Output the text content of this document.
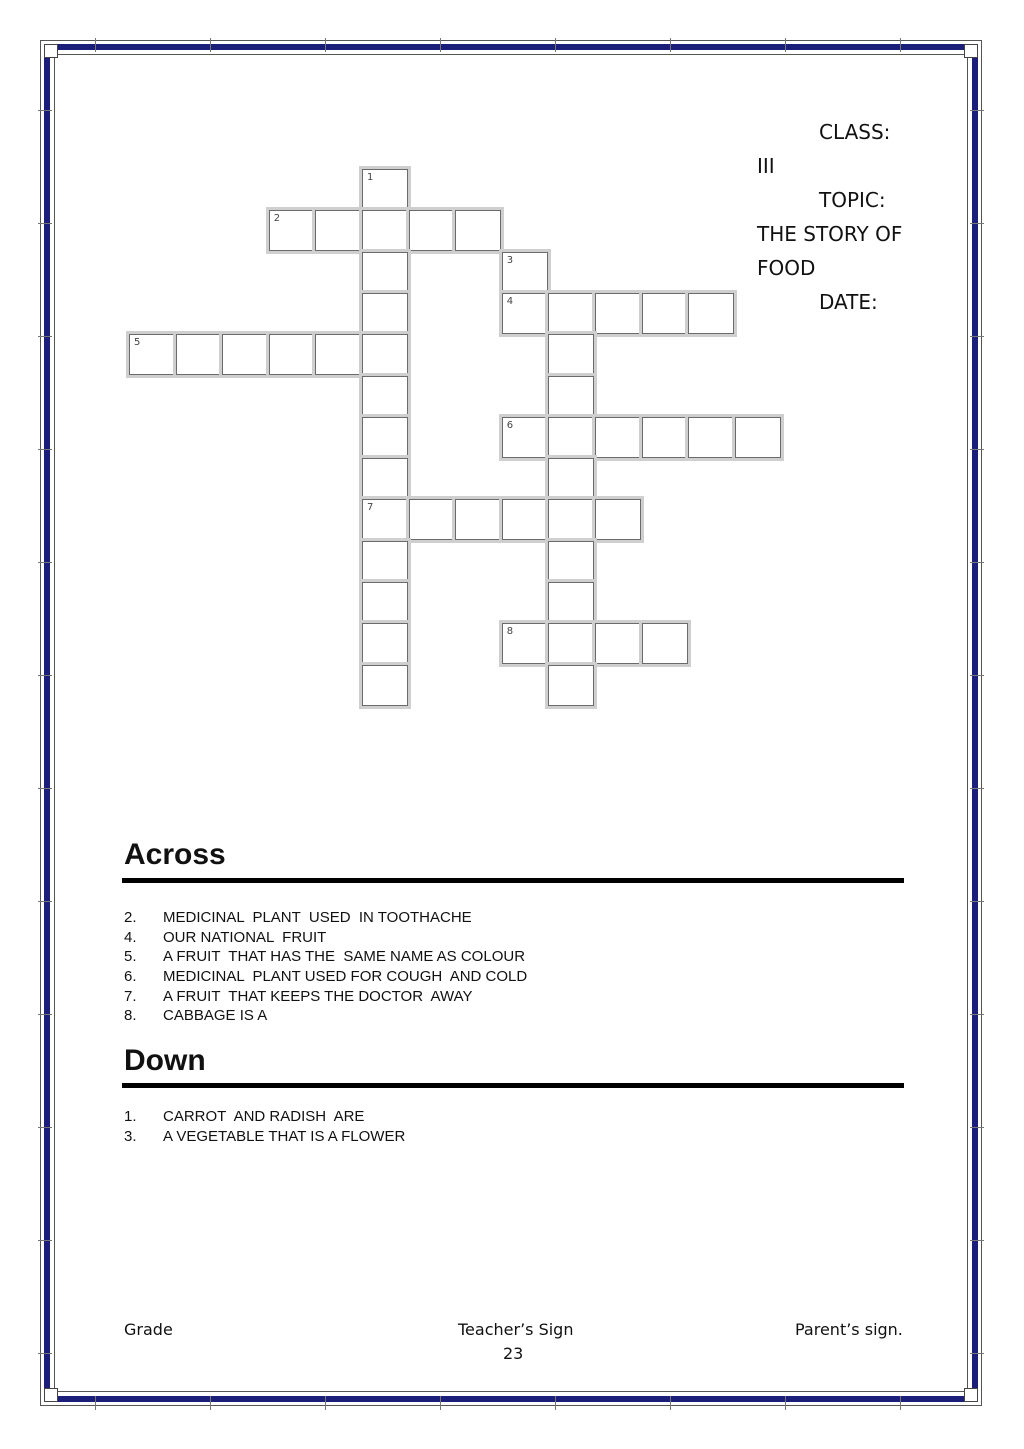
CLASS:
III
TOPIC:
THE STORY OF
FOOD
DATE:
1
2
3
4
5
6
7
8
Across
2.	MEDICINAL  PLANT  USED  IN TOOTHACHE
4.	OUR NATIONAL  FRUIT
5.	A FRUIT  THAT HAS THE  SAME NAME AS COLOUR
6.	MEDICINAL  PLANT USED FOR COUGH  AND COLD
7.	A FRUIT  THAT KEEPS THE DOCTOR  AWAY
8.	CABBAGE IS A
Down
1.	CARROT  AND RADISH  ARE
3.	A VEGETABLE THAT IS A FLOWER
Grade	Teacher’s Sign	Parent’s sign.
23
